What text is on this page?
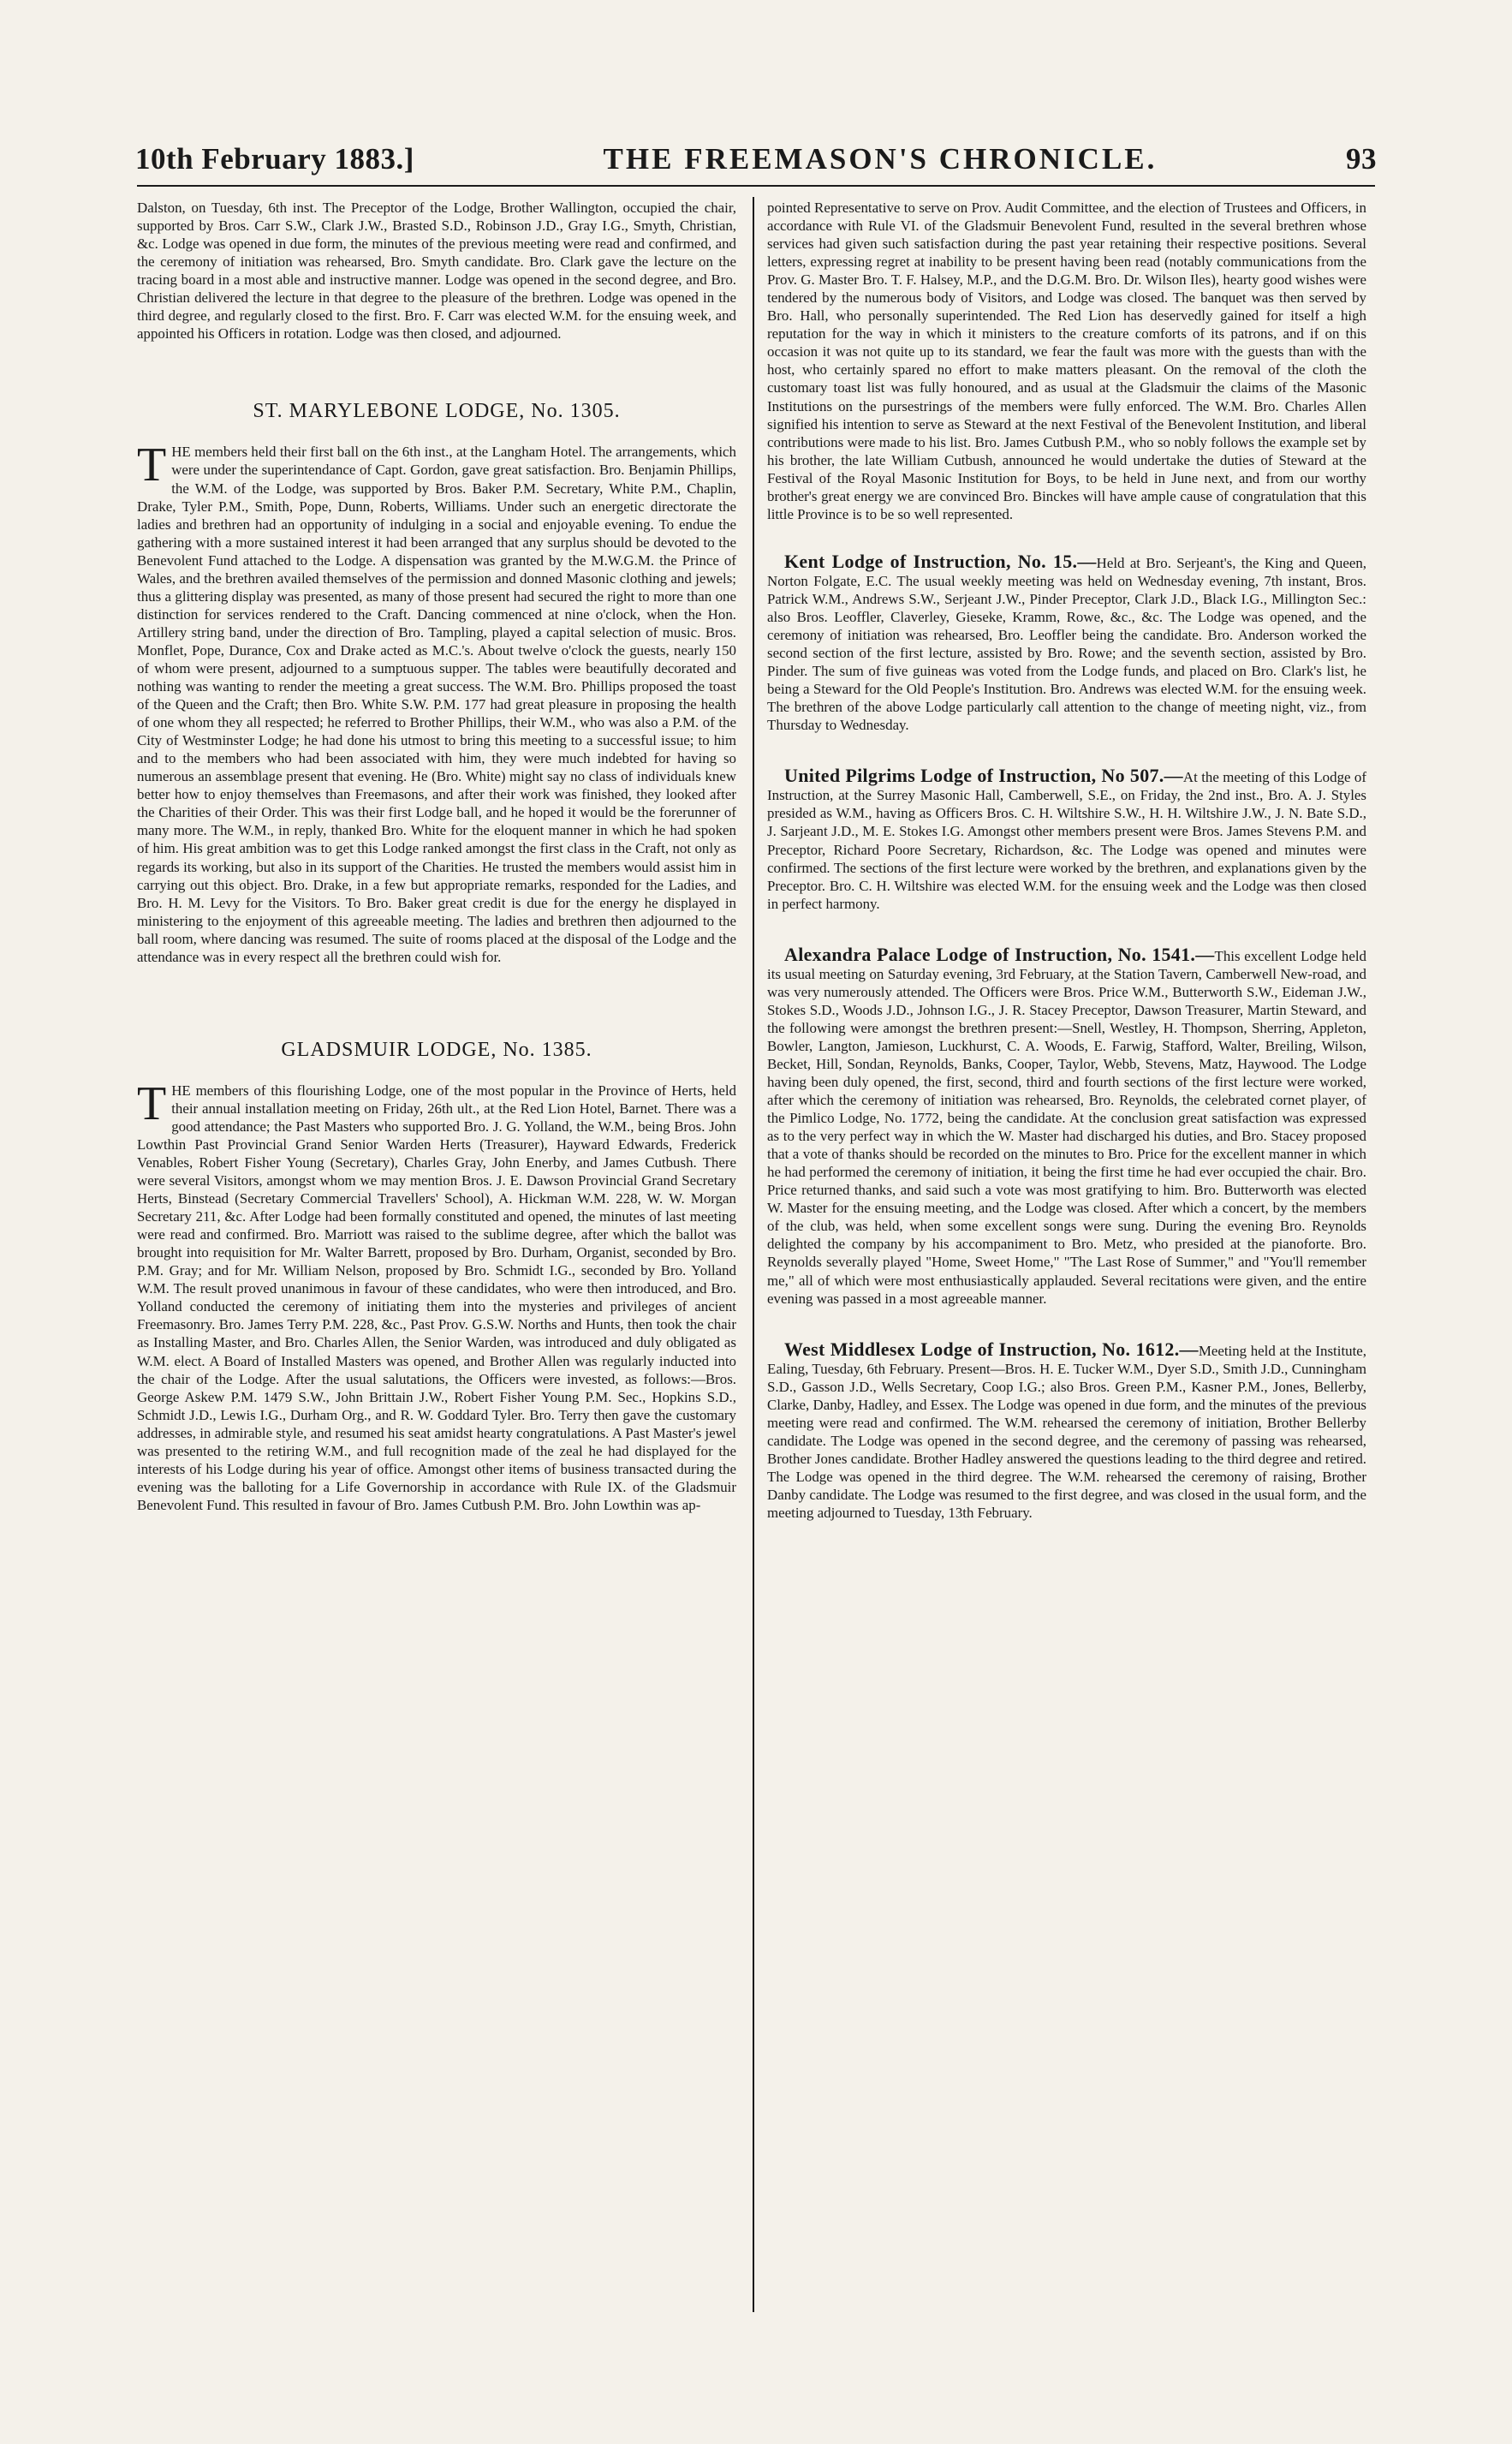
10th February 1883.]	THE FREEMASON'S CHRONICLE.	93

Dalston, on Tuesday, 6th inst. The Preceptor of the Lodge, Brother Wallington, occupied the chair, supported by Bros. Carr S.W., Clark J.W., Brasted S.D., Robinson J.D., Gray I.G., Smyth, Christian, &c. Lodge was opened in due form, the minutes of the previous meeting were read and confirmed, and the ceremony of initiation was rehearsed, Bro. Smyth candidate. Bro. Clark gave the lecture on the tracing board in a most able and instructive manner. Lodge was opened in the second degree, and Bro. Christian delivered the lecture in that degree to the pleasure of the brethren. Lodge was opened in the third degree, and regularly closed to the first. Bro. F. Carr was elected W.M. for the ensuing week, and appointed his Officers in rotation. Lodge was then closed, and adjourned.

ST. MARYLEBONE LODGE, No. 1305.

THE members held their first ball on the 6th inst., at the Langham Hotel. The arrangements, which were under the superintendance of Capt. Gordon, gave great satisfaction. Bro. Benjamin Phillips, the W.M. of the Lodge, was supported by Bros. Baker P.M. Secretary, White P.M., Chaplin, Drake, Tyler P.M., Smith, Pope, Dunn, Roberts, Williams. Under such an energetic directorate the ladies and brethren had an opportunity of indulging in a social and enjoyable evening. To endue the gathering with a more sustained interest it had been arranged that any surplus should be devoted to the Benevolent Fund attached to the Lodge. A dispensation was granted by the M.W.G.M. the Prince of Wales, and the brethren availed themselves of the permission and donned Masonic clothing and jewels; thus a glittering display was presented, as many of those present had secured the right to more than one distinction for services rendered to the Craft. Dancing commenced at nine o'clock, when the Hon. Artillery string band, under the direction of Bro. Tampling, played a capital selection of music. Bros. Monflet, Pope, Durance, Cox and Drake acted as M.C.'s. About twelve o'clock the guests, nearly 150 of whom were present, adjourned to a sumptuous supper. The tables were beautifully decorated and nothing was wanting to render the meeting a great success. The W.M. Bro. Phillips proposed the toast of the Queen and the Craft; then Bro. White S.W. P.M. 177 had great pleasure in proposing the health of one whom they all respected; he referred to Brother Phillips, their W.M., who was also a P.M. of the City of Westminster Lodge; he had done his utmost to bring this meeting to a successful issue; to him and to the members who had been associated with him, they were much indebted for having so numerous an assemblage present that evening. He (Bro. White) might say no class of individuals knew better how to enjoy themselves than Freemasons, and after their work was finished, they looked after the Charities of their Order. This was their first Lodge ball, and he hoped it would be the forerunner of many more. The W.M., in reply, thanked Bro. White for the eloquent manner in which he had spoken of him. His great ambition was to get this Lodge ranked amongst the first class in the Craft, not only as regards its working, but also in its support of the Charities. He trusted the members would assist him in carrying out this object. Bro. Drake, in a few but appropriate remarks, responded for the Ladies, and Bro. H. M. Levy for the Visitors. To Bro. Baker great credit is due for the energy he displayed in ministering to the enjoyment of this agreeable meeting. The ladies and brethren then adjourned to the ball room, where dancing was resumed. The suite of rooms placed at the disposal of the Lodge and the attendance was in every respect all the brethren could wish for.

GLADSMUIR LODGE, No. 1385.

THE members of this flourishing Lodge, one of the most popular in the Province of Herts, held their annual installation meeting on Friday, 26th ult., at the Red Lion Hotel, Barnet. There was a good attendance; the Past Masters who supported Bro. J. G. Yolland, the W.M., being Bros. John Lowthin Past Provincial Grand Senior Warden Herts (Treasurer), Hayward Edwards, Frederick Venables, Robert Fisher Young (Secretary), Charles Gray, John Enerby, and James Cutbush. There were several Visitors, amongst whom we may mention Bros. J. E. Dawson Provincial Grand Secretary Herts, Binstead (Secretary Commercial Travellers' School), A. Hickman W.M. 228, W. W. Morgan Secretary 211, &c. After Lodge had been formally constituted and opened, the minutes of last meeting were read and confirmed. Bro. Marriott was raised to the sublime degree, after which the ballot was brought into requisition for Mr. Walter Barrett, proposed by Bro. Durham, Organist, seconded by Bro. P.M. Gray; and for Mr. William Nelson, proposed by Bro. Schmidt I.G., seconded by Bro. Yolland W.M. The result proved unanimous in favour of these candidates, who were then introduced, and Bro. Yolland conducted the ceremony of initiating them into the mysteries and privileges of ancient Freemasonry. Bro. James Terry P.M. 228, &c., Past Prov. G.S.W. Norths and Hunts, then took the chair as Installing Master, and Bro. Charles Allen, the Senior Warden, was introduced and duly obligated as W.M. elect. A Board of Installed Masters was opened, and Brother Allen was regularly inducted into the chair of the Lodge. After the usual salutations, the Officers were invested, as follows:—Bros. George Askew P.M. 1479 S.W., John Brittain J.W., Robert Fisher Young P.M. Sec., Hopkins S.D., Schmidt J.D., Lewis I.G., Durham Org., and R. W. Goddard Tyler. Bro. Terry then gave the customary addresses, in admirable style, and resumed his seat amidst hearty congratulations. A Past Master's jewel was presented to the retiring W.M., and full recognition made of the zeal he had displayed for the interests of his Lodge during his year of office. Amongst other items of business transacted during the evening was the balloting for a Life Governorship in accordance with Rule IX. of the Gladsmuir Benevolent Fund. This resulted in favour of Bro. James Cutbush P.M. Bro. John Lowthin was ap-

pointed Representative to serve on Prov. Audit Committee, and the election of Trustees and Officers, in accordance with Rule VI. of the Gladsmuir Benevolent Fund, resulted in the several brethren whose services had given such satisfaction during the past year retaining their respective positions. Several letters, expressing regret at inability to be present having been read (notably communications from the Prov. G. Master Bro. T. F. Halsey, M.P., and the D.G.M. Bro. Dr. Wilson Iles), hearty good wishes were tendered by the numerous body of Visitors, and Lodge was closed. The banquet was then served by Bro. Hall, who personally superintended. The Red Lion has deservedly gained for itself a high reputation for the way in which it ministers to the creature comforts of its patrons, and if on this occasion it was not quite up to its standard, we fear the fault was more with the guests than with the host, who certainly spared no effort to make matters pleasant. On the removal of the cloth the customary toast list was fully honoured, and as usual at the Gladsmuir the claims of the Masonic Institutions on the pursestrings of the members were fully enforced. The W.M. Bro. Charles Allen signified his intention to serve as Steward at the next Festival of the Benevolent Institution, and liberal contributions were made to his list. Bro. James Cutbush P.M., who so nobly follows the example set by his brother, the late William Cutbush, announced he would undertake the duties of Steward at the Festival of the Royal Masonic Institution for Boys, to be held in June next, and from our worthy brother's great energy we are convinced Bro. Binckes will have ample cause of congratulation that this little Province is to be so well represented.

Kent Lodge of Instruction, No. 15.—Held at Bro. Serjeant's, the King and Queen, Norton Folgate, E.C. The usual weekly meeting was held on Wednesday evening, 7th instant, Bros. Patrick W.M., Andrews S.W., Serjeant J.W., Pinder Preceptor, Clark J.D., Black I.G., Millington Sec.: also Bros. Leoffler, Claverley, Gieseke, Kramm, Rowe, &c., &c. The Lodge was opened, and the ceremony of initiation was rehearsed, Bro. Leoffler being the candidate. Bro. Anderson worked the second section of the first lecture, assisted by Bro. Rowe; and the seventh section, assisted by Bro. Pinder. The sum of five guineas was voted from the Lodge funds, and placed on Bro. Clark's list, he being a Steward for the Old People's Institution. Bro. Andrews was elected W.M. for the ensuing week. The brethren of the above Lodge particularly call attention to the change of meeting night, viz., from Thursday to Wednesday.

United Pilgrims Lodge of Instruction, No 507.—At the meeting of this Lodge of Instruction, at the Surrey Masonic Hall, Camberwell, S.E., on Friday, the 2nd inst., Bro. A. J. Styles presided as W.M., having as Officers Bros. C. H. Wiltshire S.W., H. H. Wiltshire J.W., J. N. Bate S.D., J. Sarjeant J.D., M. E. Stokes I.G. Amongst other members present were Bros. James Stevens P.M. and Preceptor, Richard Poore Secretary, Richardson, &c. The Lodge was opened and minutes were confirmed. The sections of the first lecture were worked by the brethren, and explanations given by the Preceptor. Bro. C. H. Wiltshire was elected W.M. for the ensuing week and the Lodge was then closed in perfect harmony.

Alexandra Palace Lodge of Instruction, No. 1541.—This excellent Lodge held its usual meeting on Saturday evening, 3rd February, at the Station Tavern, Camberwell New-road, and was very numerously attended. The Officers were Bros. Price W.M., Butterworth S.W., Eideman J.W., Stokes S.D., Woods J.D., Johnson I.G., J. R. Stacey Preceptor, Dawson Treasurer, Martin Steward, and the following were amongst the brethren present:—Snell, Westley, H. Thompson, Sherring, Appleton, Bowler, Langton, Jamieson, Luckhurst, C. A. Woods, E. Farwig, Stafford, Walter, Breiling, Wilson, Becket, Hill, Sondan, Reynolds, Banks, Cooper, Taylor, Webb, Stevens, Matz, Haywood. The Lodge having been duly opened, the first, second, third and fourth sections of the first lecture were worked, after which the ceremony of initiation was rehearsed, Bro. Reynolds, the celebrated cornet player, of the Pimlico Lodge, No. 1772, being the candidate. At the conclusion great satisfaction was expressed as to the very perfect way in which the W. Master had discharged his duties, and Bro. Stacey proposed that a vote of thanks should be recorded on the minutes to Bro. Price for the excellent manner in which he had performed the ceremony of initiation, it being the first time he had ever occupied the chair. Bro. Price returned thanks, and said such a vote was most gratifying to him. Bro. Butterworth was elected W. Master for the ensuing meeting, and the Lodge was closed. After which a concert, by the members of the club, was held, when some excellent songs were sung. During the evening Bro. Reynolds delighted the company by his accompaniment to Bro. Metz, who presided at the pianoforte. Bro. Reynolds severally played "Home, Sweet Home," "The Last Rose of Summer," and "You'll remember me," all of which were most enthusiastically applauded. Several recitations were given, and the entire evening was passed in a most agreeable manner.

West Middlesex Lodge of Instruction, No. 1612.—Meeting held at the Institute, Ealing, Tuesday, 6th February. Present—Bros. H. E. Tucker W.M., Dyer S.D., Smith J.D., Cunningham S.D., Gasson J.D., Wells Secretary, Coop I.G.; also Bros. Green P.M., Kasner P.M., Jones, Bellerby, Clarke, Danby, Hadley, and Essex. The Lodge was opened in due form, and the minutes of the previous meeting were read and confirmed. The W.M. rehearsed the ceremony of initiation, Brother Bellerby candidate. The Lodge was opened in the second degree, and the ceremony of passing was rehearsed, Brother Jones candidate. Brother Hadley answered the questions leading to the third degree and retired. The Lodge was opened in the third degree. The W.M. rehearsed the ceremony of raising, Brother Danby candidate. The Lodge was resumed to the first degree, and was closed in the usual form, and the meeting adjourned to Tuesday, 13th February.
